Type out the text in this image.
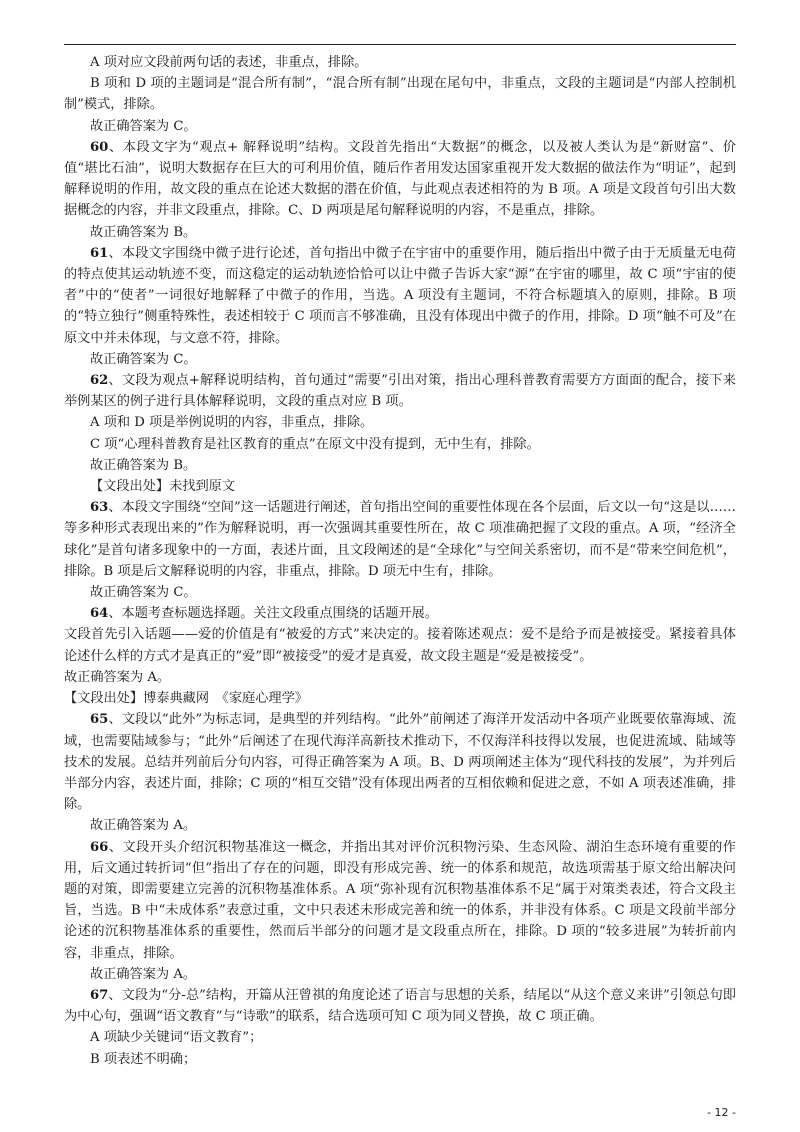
A 项对应文段前两句话的表述，非重点，排除。

B 项和 D 项的主题词是“混合所有制”，“混合所有制”出现在尾句中，非重点，文段的主题词是“内部人控制机制”模式，排除。

故正确答案为 C。

60、本段文字为“观点+ 解释说明”结构。文段首先指出“大数据”的概念，以及被人类认为是“新财富”、价值“堪比石油”，说明大数据存在巨大的可利用价值，随后作者用发达国家重视开发大数据的做法作为“明证”，起到解释说明的作用，故文段的重点在论述大数据的潜在价值，与此观点表述相符的为 B 项。A 项是文段首句引出大数据概念的内容，并非文段重点，排除。C、D 两项是尾句解释说明的内容，不是重点，排除。

故正确答案为 B。

61、本段文字围绕中微子进行论述，首句指出中微子在宇宙中的重要作用，随后指出中微子由于无质量无电荷的特点使其运动轨迹不变，而这稳定的运动轨迹恰恰可以让中微子告诉大家“源”在宇宙的哪里，故 C 项“宇宙的使者”中的“使者”一词很好地解释了中微子的作用，当选。A 项没有主题词，不符合标题填入的原则，排除。B 项的“特立独行”侧重特殊性，表述相较于 C 项而言不够准确，且没有体现出中微子的作用，排除。D 项“触不可及”在原文中并未体现，与文意不符，排除。

故正确答案为 C。

62、文段为观点+解释说明结构，首句通过“需要”引出对策，指出心理科普教育需要方方面面的配合，接下来举例某区的例子进行具体解释说明，文段的重点对应 B 项。

A 项和 D 项是举例说明的内容，非重点，排除。

C 项“心理科普教育是社区教育的重点”在原文中没有提到，无中生有，排除。

故正确答案为 B。

【文段出处】未找到原文

63、本段文字围绕“空间”这一话题进行阐述，首句指出空间的重要性体现在各个层面，后文以一句“这是以……等多种形式表现出来的”作为解释说明，再一次强调其重要性所在，故 C 项准确把握了文段的重点。A 项，“经济全球化”是首句诸多现象中的一方面，表述片面，且文段阐述的是“全球化”与空间关系密切，而不是“带来空间危机”，排除。B 项是后文解释说明的内容，非重点，排除。D 项无中生有，排除。

故正确答案为 C。

64、本题考查标题选择题。关注文段重点围绕的话题开展。

文段首先引入话题——爱的价值是有“被爱的方式”来决定的。接着陈述观点：爱不是给予而是被接受。紧接着具体论述什么样的方式才是真正的“爱”即“被接受”的爱才是真爱，故文段主题是“爱是被接受”。

故正确答案为 A。

【文段出处】博泰典藏网　《家庭心理学》

65、文段以“此外”为标志词，是典型的并列结构。“此外”前阐述了海洋开发活动中各项产业既要依靠海域、流域，也需要陆域参与；“此外”后阐述了在现代海洋高新技术推动下，不仅海洋科技得以发展，也促进流域、陆域等技术的发展。总结并列前后分句内容，可得正确答案为 A 项。B、D 两项阐述主体为“现代科技的发展”，为并列后半部分内容，表述片面，排除；C 项的“相互交错”没有体现出两者的互相依赖和促进之意，不如 A 项表述准确，排除。

故正确答案为 A。

66、文段开头介绍沉积物基准这一概念，并指出其对评价沉积物污染、生态风险、湖泊生态环境有重要的作用，后文通过转折词“但”指出了存在的问题，即没有形成完善、统一的体系和规范，故选项需基于原文给出解决问题的对策，即需要建立完善的沉积物基准体系。A 项“弥补现有沉积物基准体系不足”属于对策类表述，符合文段主旨，当选。B 中“未成体系”表意过重，文中只表述未形成完善和统一的体系，并非没有体系。C 项是文段前半部分论述的沉积物基准体系的重要性，然而后半部分的问题才是文段重点所在，排除。D 项的“较多进展”为转折前内容，非重点，排除。

故正确答案为 A。

67、文段为“分-总”结构，开篇从汪曾祺的角度论述了语言与思想的关系，结尾以“从这个意义来讲”引领总句即为中心句，强调“语文教育”与“诗歌”的联系，结合选项可知 C 项为同义替换，故 C 项正确。

A 项缺少关键词“语文教育”；

B 项表述不明确；

- 12 -
